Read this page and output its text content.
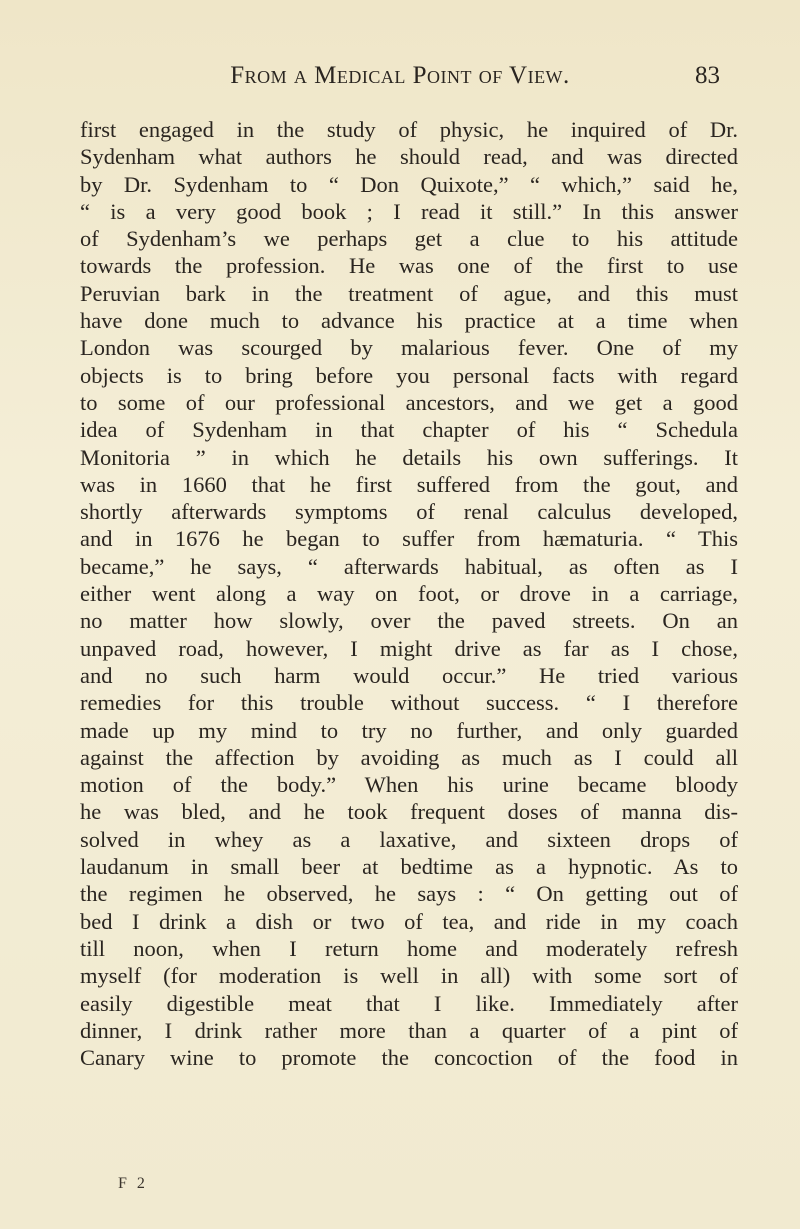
From a Medical Point of View.	83
first engaged in the study of physic, he inquired of Dr.
Sydenham what authors he should read, and was directed
by Dr. Sydenham to “ Don Quixote,” “ which,” said he,
“ is a very good book ; I read it still.” In this answer
of Sydenham’s we perhaps get a clue to his attitude
towards the profession. He was one of the first to use
Peruvian bark in the treatment of ague, and this must
have done much to advance his practice at a time when
London was scourged by malarious fever. One of my
objects is to bring before you personal facts with regard
to some of our professional ancestors, and we get a good
idea of Sydenham in that chapter of his “ Schedula
Monitoria ” in which he details his own sufferings. It
was in 1660 that he first suffered from the gout, and
shortly afterwards symptoms of renal calculus developed,
and in 1676 he began to suffer from hæmaturia. “ This
became,” he says, “ afterwards habitual, as often as I
either went along a way on foot, or drove in a carriage,
no matter how slowly, over the paved streets. On an
unpaved road, however, I might drive as far as I chose,
and no such harm would occur.” He tried various
remedies for this trouble without success. “ I therefore
made up my mind to try no further, and only guarded
against the affection by avoiding as much as I could all
motion of the body.” When his urine became bloody
he was bled, and he took frequent doses of manna dis-
solved in whey as a laxative, and sixteen drops of
laudanum in small beer at bedtime as a hypnotic. As to
the regimen he observed, he says : “ On getting out of
bed I drink a dish or two of tea, and ride in my coach
till noon, when I return home and moderately refresh
myself (for moderation is well in all) with some sort of
easily digestible meat that I like. Immediately after
dinner, I drink rather more than a quarter of a pint of
Canary wine to promote the concoction of the food in
F 2
